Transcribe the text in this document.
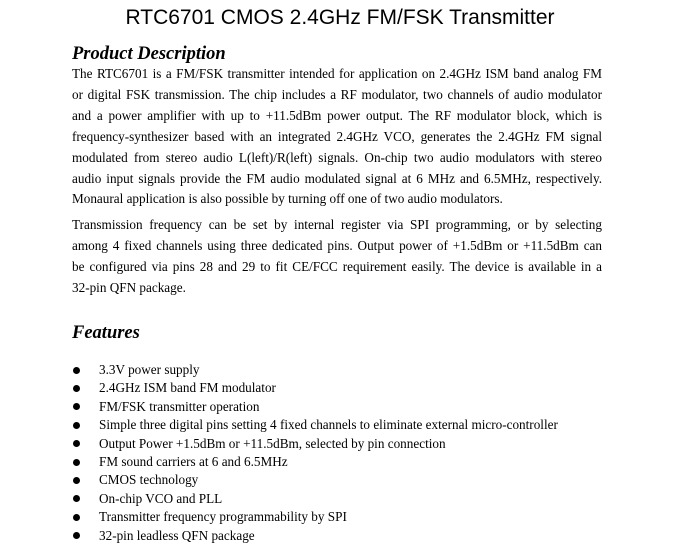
RTC6701 CMOS 2.4GHz FM/FSK Transmitter
Product Description
The RTC6701 is a FM/FSK transmitter intended for application on 2.4GHz ISM band analog FM
or digital FSK transmission. The chip includes a RF modulator, two channels of audio modulator
and a power amplifier with up to +11.5dBm power output. The RF modulator block, which is
frequency-synthesizer based with an integrated 2.4GHz VCO, generates the 2.4GHz FM signal
modulated from stereo audio L(left)/R(left) signals. On-chip two audio modulators with stereo
audio input signals provide the FM audio modulated signal at 6 MHz and 6.5MHz, respectively.
Monaural application is also possible by turning off one of two audio modulators.
Transmission frequency can be set by internal register via SPI programming, or by selecting
among 4 fixed channels using three dedicated pins. Output power of +1.5dBm or +11.5dBm can
be configured via pins 28 and 29 to fit CE/FCC requirement easily. The device is available in a
32-pin QFN package.
Features
3.3V power supply
2.4GHz ISM band FM modulator
FM/FSK transmitter operation
Simple three digital pins setting 4 fixed channels to eliminate external micro-controller
Output Power +1.5dBm or +11.5dBm, selected by pin connection
FM sound carriers at 6 and 6.5MHz
CMOS technology
On-chip VCO and PLL
Transmitter frequency programmability by SPI
32-pin leadless QFN package
